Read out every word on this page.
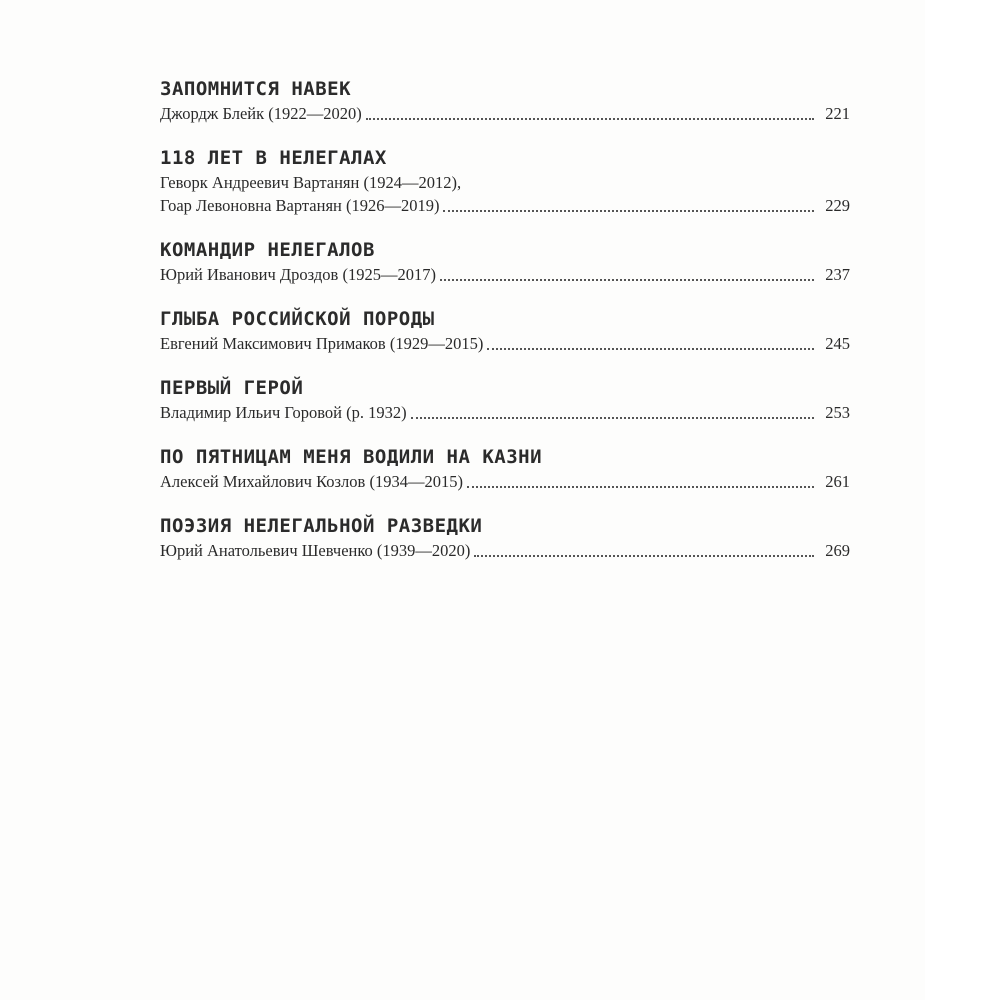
ЗАПОМНИТСЯ НАВЕК
Джордж Блейк (1922—2020)	221
118 ЛЕТ В НЕЛЕГАЛАХ
Геворк Андреевич Вартанян (1924—2012),
Гоар Левоновна Вартанян (1926—2019)	229
КОМАНДИР НЕЛЕГАЛОВ
Юрий Иванович Дроздов (1925—2017)	237
ГЛЫБА РОССИЙСКОЙ ПОРОДЫ
Евгений Максимович Примаков (1929—2015)	245
ПЕРВЫЙ ГЕРОЙ
Владимир Ильич Горовой (р. 1932)	253
ПО ПЯТНИЦАМ МЕНЯ ВОДИЛИ НА КАЗНИ
Алексей Михайлович Козлов (1934—2015)	261
ПОЭЗИЯ НЕЛЕГАЛЬНОЙ РАЗВЕДКИ
Юрий Анатольевич Шевченко (1939—2020)	269
